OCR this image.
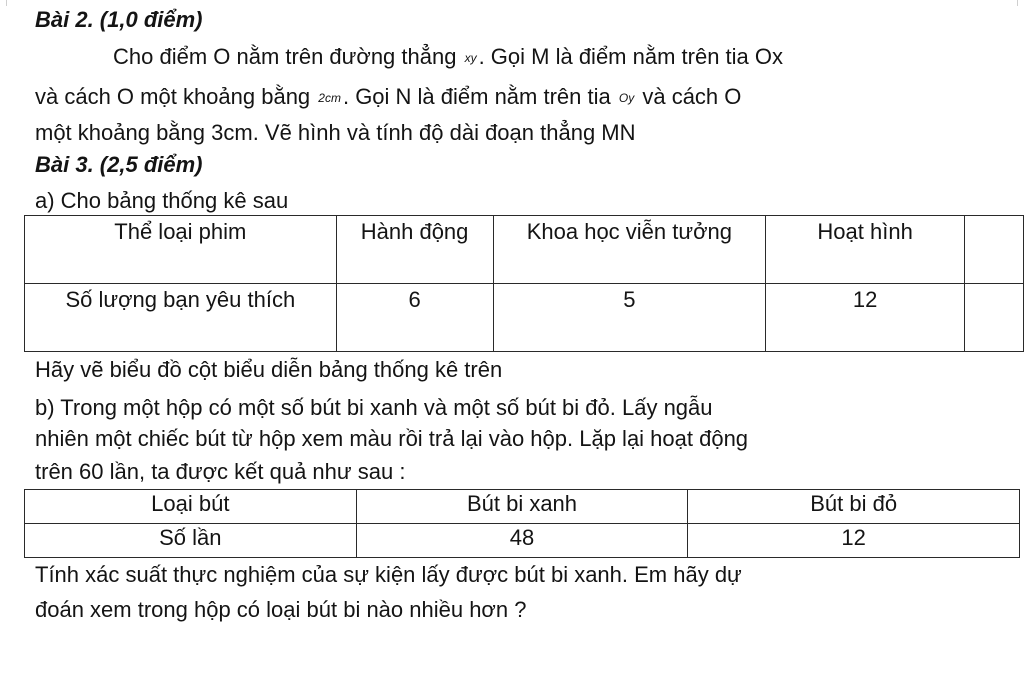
Bài 2. (1,0 điểm)
Cho điểm O nằm trên đường thẳng xy. Gọi M là điểm nằm trên tia Ox
và cách O một khoảng bằng 2cm. Gọi N là điểm nằm trên tia Oy và cách O
một khoảng bằng 3cm. Vẽ hình và tính độ dài đoạn thẳng MN
Bài 3. (2,5 điểm)
a) Cho bảng thống kê sau
Thể loại phim	Hành động	Khoa học viễn tưởng	Hoạt hình	
Số lượng bạn yêu thích	6	5	12	
Hãy vẽ biểu đồ cột biểu diễn bảng thống kê trên
b) Trong một hộp có một số bút bi xanh và một số bút bi đỏ. Lấy ngẫu
nhiên một chiếc bút từ hộp xem màu rồi trả lại vào hộp. Lặp lại hoạt động
trên 60 lần, ta được kết quả như sau :
Loại bút	Bút bi xanh	Bút bi đỏ
Số lần	48	12
Tính xác suất thực nghiệm của sự kiện lấy được bút bi xanh. Em hãy dự
đoán xem trong hộp có loại bút bi nào nhiều hơn ?
